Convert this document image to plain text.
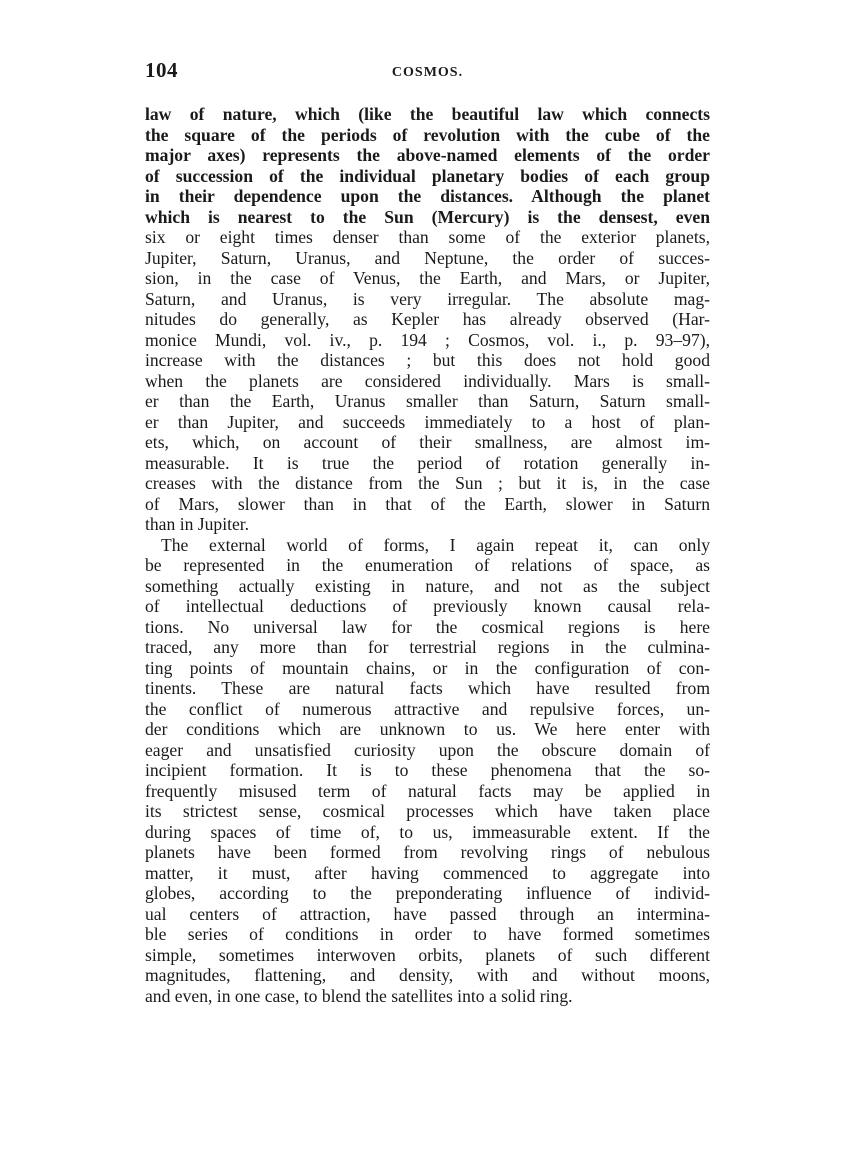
104	COSMOS.
law of nature, which (like the beautiful law which connects
the square of the periods of revolution with the cube of the
major axes) represents the above-named elements of the order
of succession of the individual planetary bodies of each group
in their dependence upon the distances. Although the planet
which is nearest to the Sun (Mercury) is the densest, even
six or eight times denser than some of the exterior planets,
Jupiter, Saturn, Uranus, and Neptune, the order of succes-
sion, in the case of Venus, the Earth, and Mars, or Jupiter,
Saturn, and Uranus, is very irregular. The absolute mag-
nitudes do generally, as Kepler has already observed (Har-
monice Mundi, vol. iv., p. 194 ; Cosmos, vol. i., p. 93–97),
increase with the distances ; but this does not hold good
when the planets are considered individually. Mars is small-
er than the Earth, Uranus smaller than Saturn, Saturn small-
er than Jupiter, and succeeds immediately to a host of plan-
ets, which, on account of their smallness, are almost im-
measurable. It is true the period of rotation generally in-
creases with the distance from the Sun ; but it is, in the case
of Mars, slower than in that of the Earth, slower in Saturn
than in Jupiter.
The external world of forms, I again repeat it, can only
be represented in the enumeration of relations of space, as
something actually existing in nature, and not as the subject
of intellectual deductions of previously known causal rela-
tions. No universal law for the cosmical regions is here
traced, any more than for terrestrial regions in the culmina-
ting points of mountain chains, or in the configuration of con-
tinents. These are natural facts which have resulted from
the conflict of numerous attractive and repulsive forces, un-
der conditions which are unknown to us. We here enter with
eager and unsatisfied curiosity upon the obscure domain of
incipient formation. It is to these phenomena that the so-
frequently misused term of natural facts may be applied in
its strictest sense, cosmical processes which have taken place
during spaces of time of, to us, immeasurable extent. If the
planets have been formed from revolving rings of nebulous
matter, it must, after having commenced to aggregate into
globes, according to the preponderating influence of individ-
ual centers of attraction, have passed through an intermina-
ble series of conditions in order to have formed sometimes
simple, sometimes interwoven orbits, planets of such different
magnitudes, flattening, and density, with and without moons,
and even, in one case, to blend the satellites into a solid ring.
